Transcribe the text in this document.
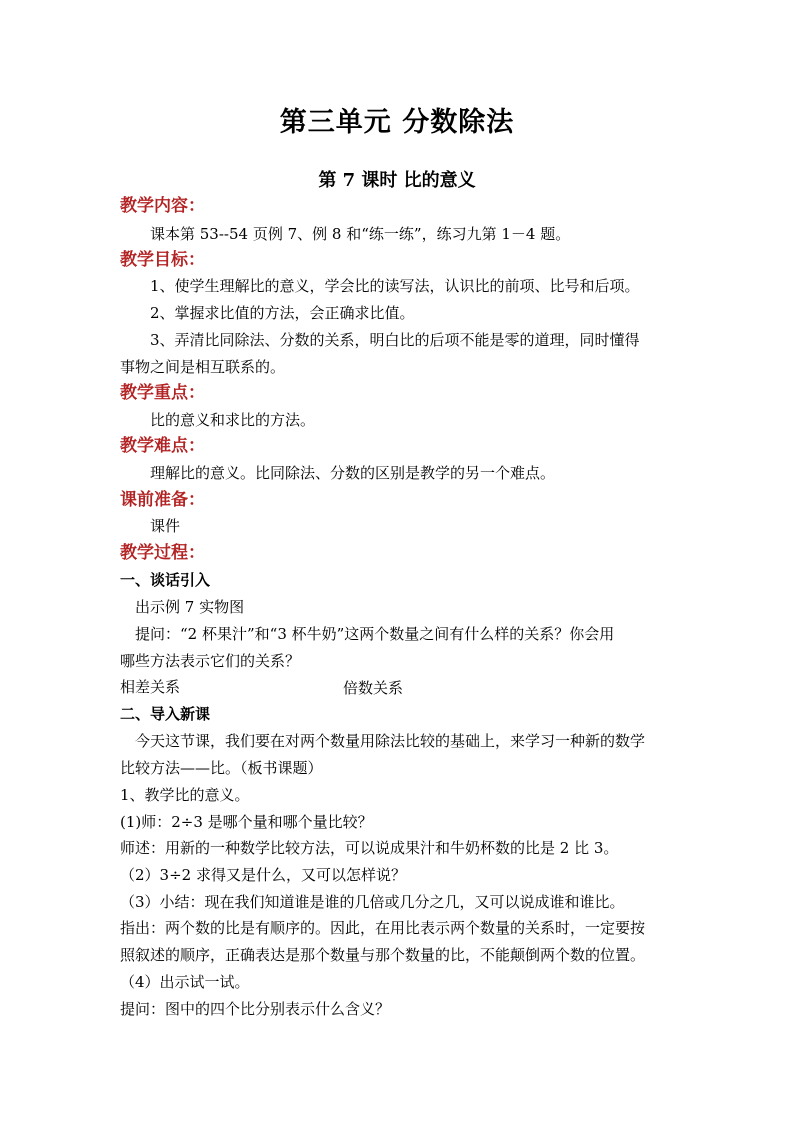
第三单元 分数除法
第 7 课时 比的意义
教学内容：
课本第 53--54 页例 7、例 8 和“练一练”，练习九第 1－4 题。
教学目标：
1、使学生理解比的意义，学会比的读写法，认识比的前项、比号和后项。
2、掌握求比值的方法，会正确求比值。
3、弄清比同除法、分数的关系，明白比的后项不能是零的道理，同时懂得
事物之间是相互联系的。
教学重点：
比的意义和求比的方法。
教学难点：
理解比的意义。比同除法、分数的区别是教学的另一个难点。
课前准备：
课件
教学过程：
一、谈话引入
出示例 7 实物图
提问：“2 杯果汁”和“3 杯牛奶”这两个数量之间有什么样的关系？你会用
哪些方法表示它们的关系？
相差关系	倍数关系
二、导入新课
今天这节课，我们要在对两个数量用除法比较的基础上，来学习一种新的数学
比较方法——比。（板书课题）
1、教学比的意义。
(1)师：2÷3 是哪个量和哪个量比较？
师述：用新的一种数学比较方法，可以说成果汁和牛奶杯数的比是 2 比 3。
（2）3÷2 求得又是什么，又可以怎样说？
（3）小结：现在我们知道谁是谁的几倍或几分之几，又可以说成谁和谁比。
指出：两个数的比是有顺序的。因此，在用比表示两个数量的关系时，一定要按
照叙述的顺序，正确表达是那个数量与那个数量的比，不能颠倒两个数的位置。
（4）出示试一试。
提问：图中的四个比分别表示什么含义？
